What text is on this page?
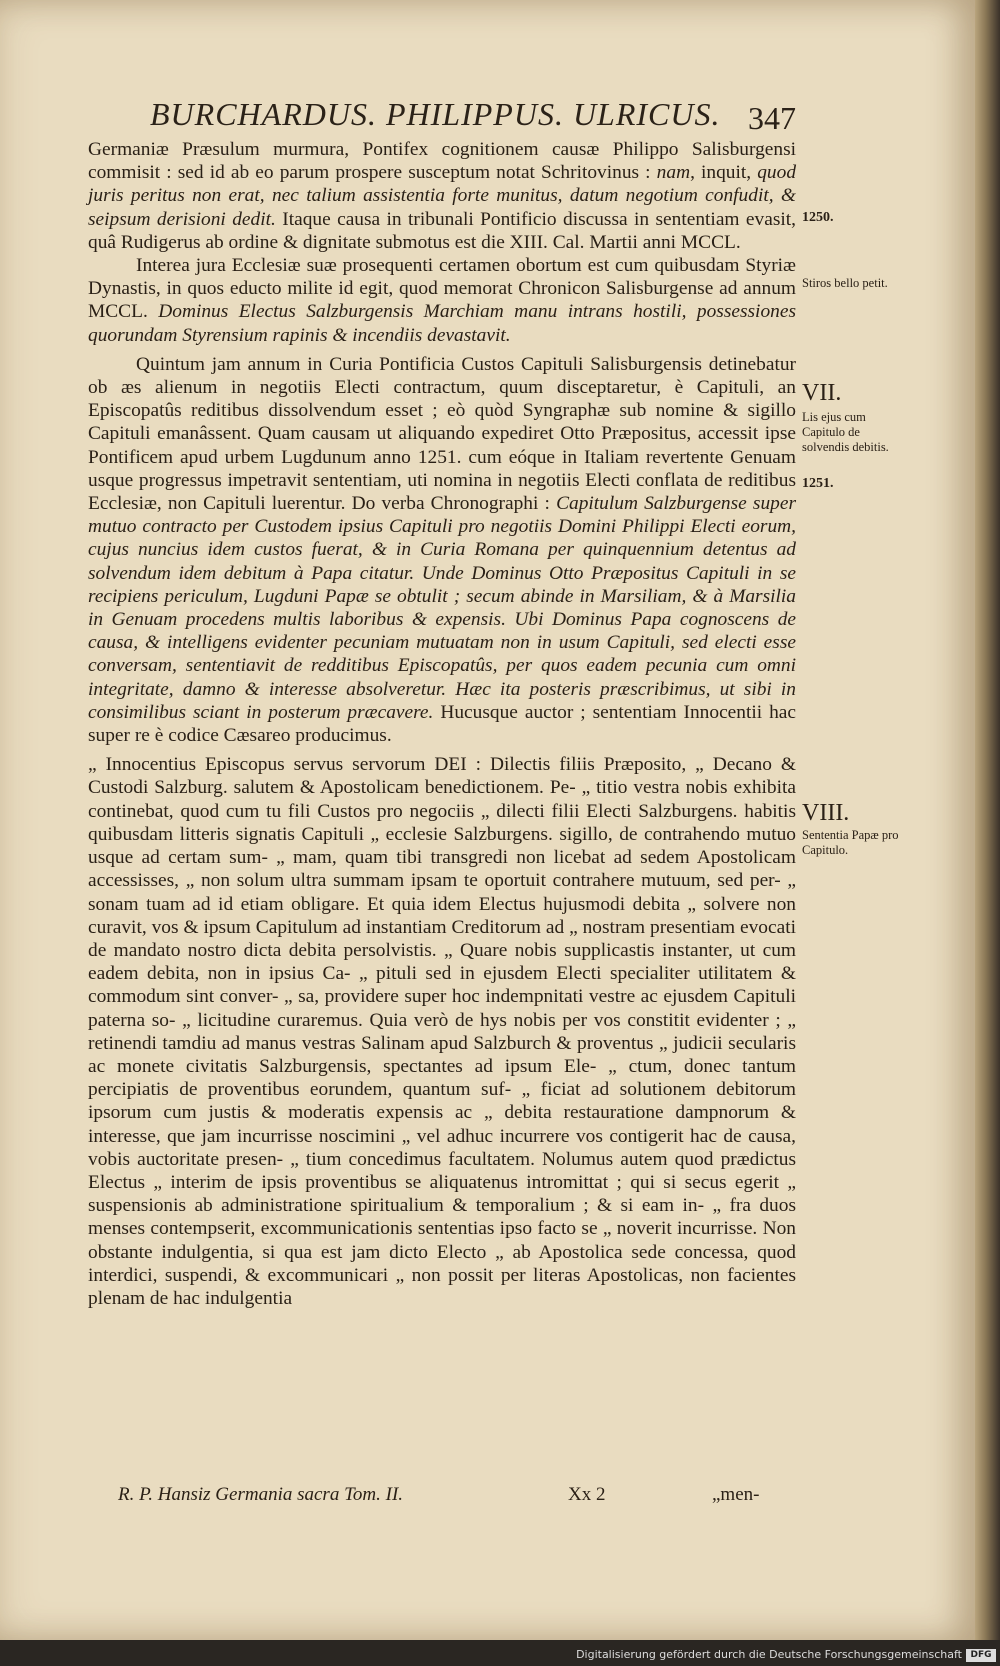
BURCHARDUS. PHILIPPUS. ULRICUS. 347

Germaniæ Præsulum murmura, Pontifex cognitionem causæ Philippo Salisburgensi commisit : sed id ab eo parum prospere susceptum notat Schritovinus : nam, inquit, quod juris peritus non erat, nec talium assistentia forte munitus, datum negotium confudit, & seipsum derisioni dedit. Itaque causa in tribunali Pontificio discussa in sententiam evasit, quâ Rudigerus ab ordine & dignitate submotus est die XIII. Cal. Martii anni MCCL.

Interea jura Ecclesiæ suæ prosequenti certamen obortum est cum quibusdam Styriæ Dynastis, in quos educto milite id egit, quod memorat Chronicon Salisburgense ad annum MCCL. Dominus Electus Salzburgensis Marchiam manu intrans hostili, possessiones quorundam Styrensium rapinis & incendiis devastavit.

Quintum jam annum in Curia Pontificia Custos Capituli Salisburgensis detinebatur ob æs alienum in negotiis Electi contractum, quum disceptaretur, è Capituli, an Episcopatûs reditibus dissolvendum esset ; eò quòd Syngraphæ sub nomine & sigillo Capituli emanâssent. Quam causam ut aliquando expediret Otto Præpositus, accessit ipse Pontificem apud urbem Lugdunum anno 1251. cum eóque in Italiam revertente Genuam usque progressus impetravit sententiam, uti nomina in negotiis Electi conflata de reditibus Ecclesiæ, non Capituli luerentur. Do verba Chronographi : Capitulum Salzburgense super mutuo contracto per Custodem ipsius Capituli pro negotiis Domini Philippi Electi eorum, cujus nuncius idem custos fuerat, & in Curia Romana per quinquennium detentus ad solvendum idem debitum à Papa citatur. Unde Dominus Otto Præpositus Capituli in se recipiens periculum, Lugduni Papæ se obtulit ; secum abinde in Marsiliam, & à Marsilia in Genuam procedens multis laboribus & expensis. Ubi Dominus Papa cognoscens de causa, & intelligens evidenter pecuniam mutuatam non in usum Capituli, sed electi esse conversam, sententiavit de redditibus Episcopatûs, per quos eadem pecunia cum omni integritate, damno & interesse absolveretur. Hæc ita posteris præscribimus, ut sibi in consimilibus sciant in posterum præcavere. Hucusque auctor ; sententiam Innocentii hac super re è codice Cæsareo producimus.

„ Innocentius Episcopus servus servorum DEI : Dilectis filiis Præposito, „ Decano & Custodi Salzburg. salutem & Apostolicam benedictionem. Pe- „ titio vestra nobis exhibita continebat, quod cum tu fili Custos pro negociis „ dilecti filii Electi Salzburgens. habitis quibusdam litteris signatis Capituli „ ecclesie Salzburgens. sigillo, de contrahendo mutuo usque ad certam sum- „ mam, quam tibi transgredi non licebat ad sedem Apostolicam accessisses, „ non solum ultra summam ipsam te oportuit contrahere mutuum, sed per- „ sonam tuam ad id etiam obligare. Et quia idem Electus hujusmodi debita „ solvere non curavit, vos & ipsum Capitulum ad instantiam Creditorum ad „ nostram presentiam evocati de mandato nostro dicta debita persolvistis. „ Quare nobis supplicastis instanter, ut cum eadem debita, non in ipsius Ca- „ pituli sed in ejusdem Electi specialiter utilitatem & commodum sint conver- „ sa, providere super hoc indempnitati vestre ac ejusdem Capituli paterna so- „ licitudine curaremus. Quia verò de hys nobis per vos constitit evidenter ; „ retinendi tamdiu ad manus vestras Salinam apud Salzburch & proventus „ judicii secularis ac monete civitatis Salzburgensis, spectantes ad ipsum Ele- „ ctum, donec tantum percipiatis de proventibus eorundem, quantum suf- „ ficiat ad solutionem debitorum ipsorum cum justis & moderatis expensis ac „ debita restauratione dampnorum & interesse, que jam incurrisse noscimini „ vel adhuc incurrere vos contigerit hac de causa, vobis auctoritate presen- „ tium concedimus facultatem. Nolumus autem quod prædictus Electus „ interim de ipsis proventibus se aliquatenus intromittat ; qui si secus egerit „ suspensionis ab administratione spiritualium & temporalium ; & si eam in- „ fra duos menses contempserit, excommunicationis sententias ipso facto se „ noverit incurrisse. Non obstante indulgentia, si qua est jam dicto Electo „ ab Apostolica sede concessa, quod interdici, suspendi, & excommunicari „ non possit per literas Apostolicas, non facientes plenam de hac indulgentia

1250.
Stiros bello petit.
VII.
Lis ejus cum Capitulo de solvendis debitis.
1251.
VIII.
Sententia Papæ pro Capitulo.
R. P. Hansiz Germania sacra Tom. II.	Xx 2	„men-
Digitalisierung gefördert durch die Deutsche Forschungsgemeinschaft DFG
